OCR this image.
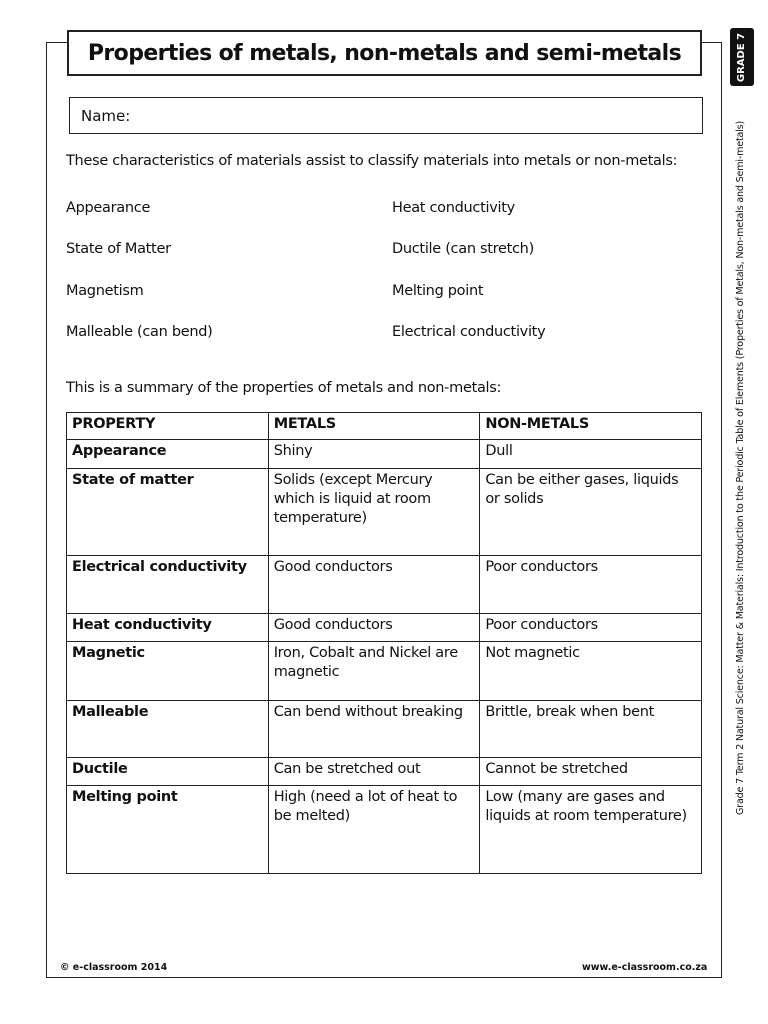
Properties of metals, non-metals and semi-metals	GRADE 7
Grade 7 Term 2 Natural Science: Matter & Materials: Introduction to the Periodic Table of Elements (Properties of Metals, Non-metals and Semi-metals)
Name:
These characteristics of materials assist to classify materials into metals or non-metals:
Appearance	Heat conductivity
State of Matter	Ductile (can stretch)
Magnetism	Melting point
Malleable (can bend)	Electrical conductivity
This is a summary of the properties of metals and non-metals:
PROPERTY	METALS	NON-METALS
Appearance	Shiny	Dull
State of matter	Solids (except Mercury which is liquid at room temperature)	Can be either gases, liquids or solids
Electrical conductivity	Good conductors	Poor conductors
Heat conductivity	Good conductors	Poor conductors
Magnetic	Iron, Cobalt and Nickel are magnetic	Not magnetic
Malleable	Can bend without breaking	Brittle, break when bent
Ductile	Can be stretched out	Cannot be stretched
Melting point	High (need a lot of heat to be melted)	Low (many are gases and liquids at room temperature)
© e-classroom 2014	www.e-classroom.co.za
